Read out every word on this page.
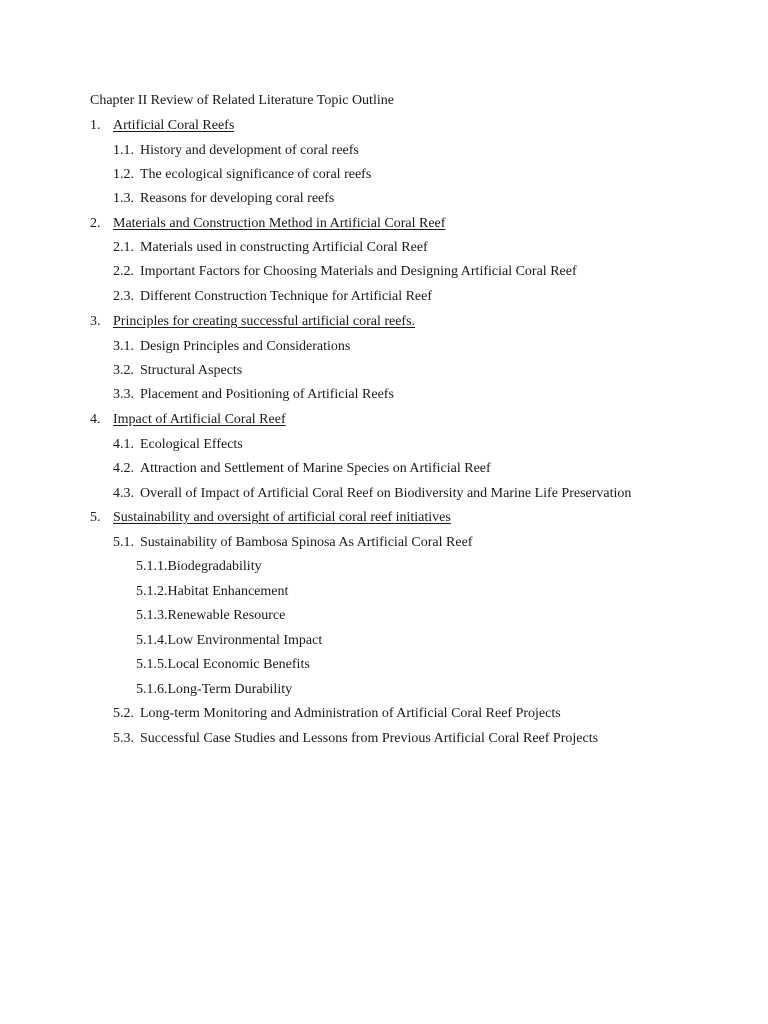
Chapter II Review of Related Literature Topic Outline
1. Artificial Coral Reefs
1.1. History and development of coral reefs
1.2. The ecological significance of coral reefs
1.3. Reasons for developing coral reefs
2. Materials and Construction Method in Artificial Coral Reef
2.1. Materials used in constructing Artificial Coral Reef
2.2. Important Factors for Choosing Materials and Designing Artificial Coral Reef
2.3. Different Construction Technique for Artificial Reef
3. Principles for creating successful artificial coral reefs.
3.1. Design Principles and Considerations
3.2. Structural Aspects
3.3. Placement and Positioning of Artificial Reefs
4. Impact of Artificial Coral Reef
4.1. Ecological Effects
4.2. Attraction and Settlement of Marine Species on Artificial Reef
4.3. Overall of Impact of Artificial Coral Reef on Biodiversity and Marine Life Preservation
5. Sustainability and oversight of artificial coral reef initiatives
5.1. Sustainability of Bambosa Spinosa As Artificial Coral Reef
5.1.1.Biodegradability
5.1.2.Habitat Enhancement
5.1.3.Renewable Resource
5.1.4.Low Environmental Impact
5.1.5.Local Economic Benefits
5.1.6.Long-Term Durability
5.2. Long-term Monitoring and Administration of Artificial Coral Reef Projects
5.3. Successful Case Studies and Lessons from Previous Artificial Coral Reef Projects
